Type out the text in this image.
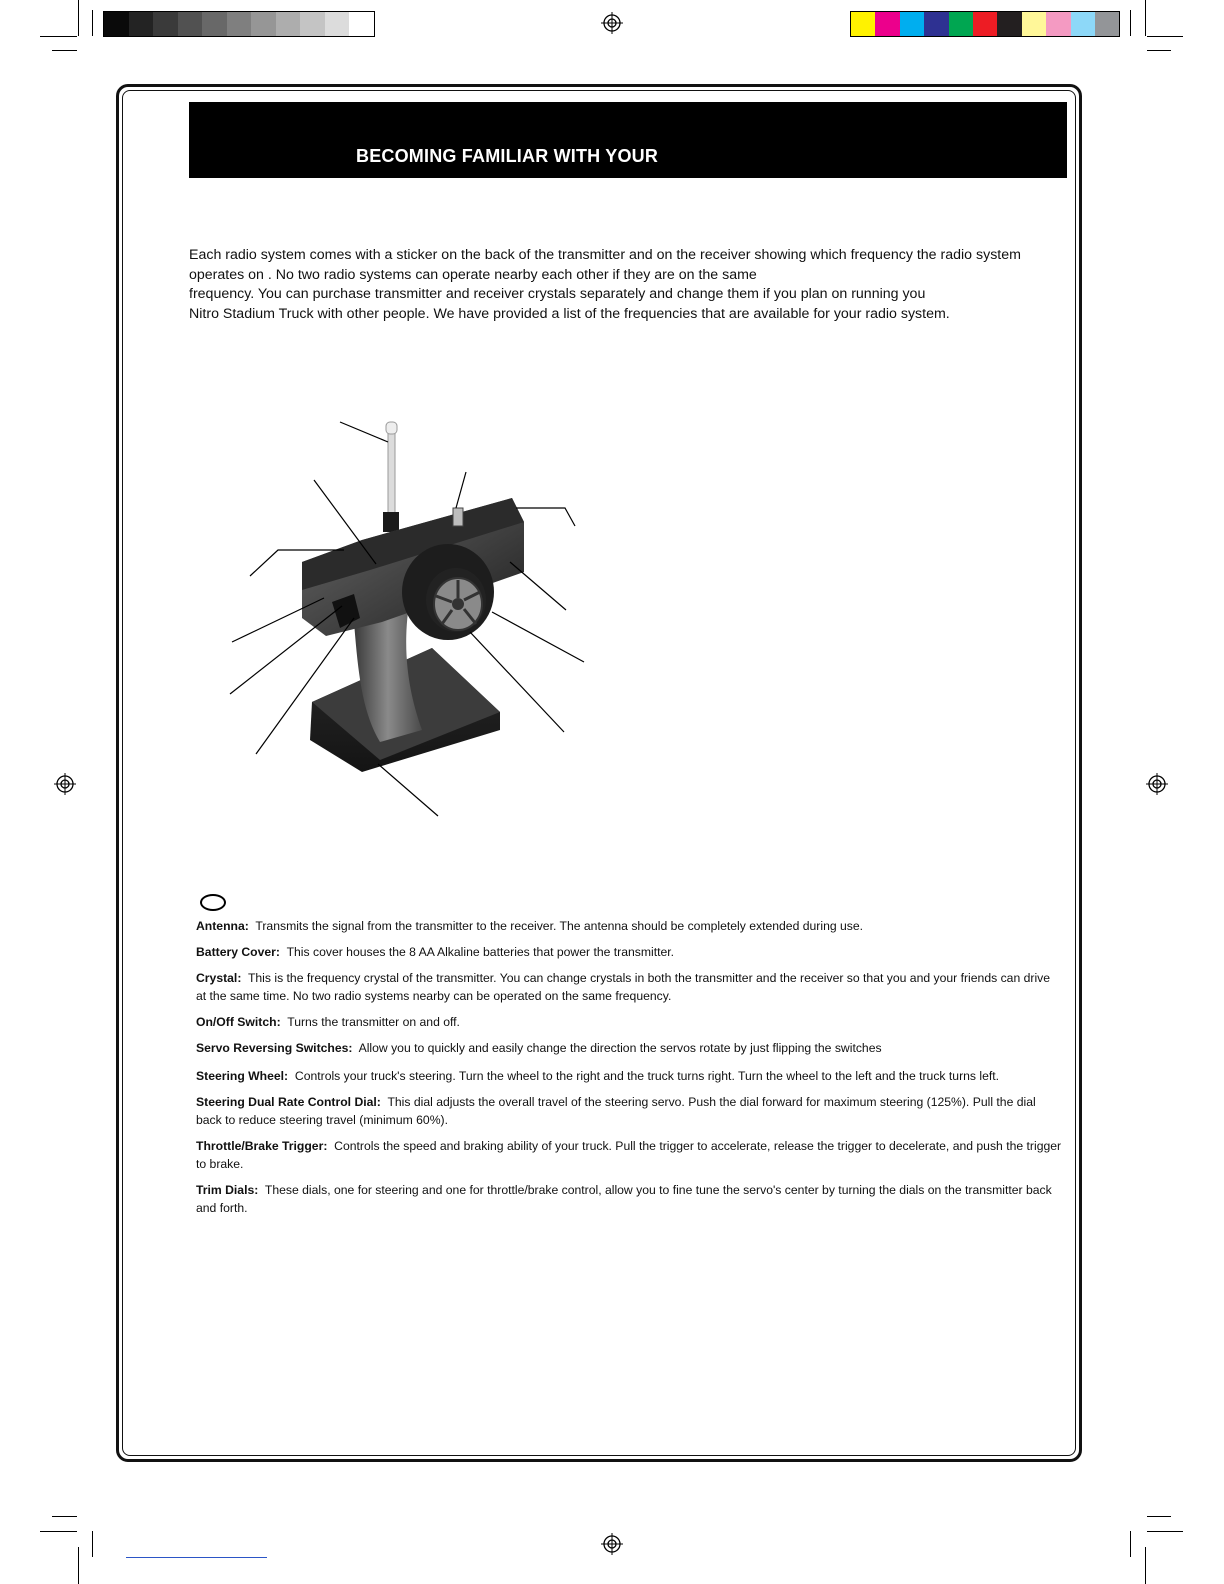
BECOMING FAMILIAR WITH YOUR
Each radio system comes with a sticker on the back of the transmitter and on the receiver showing which frequency the radio system
operates on . No two radio systems can operate nearby each other if they are on the same
frequency. You can purchase transmitter and receiver crystals separately and change them if you plan on running you
Nitro Stadium Truck with other people. We have provided a list of the frequencies that are available for your radio system.

Antenna: Transmits the signal from the transmitter to the receiver. The antenna should be completely extended during use.

Battery Cover: This cover houses the 8 AA Alkaline batteries that power the transmitter.

Crystal: This is the frequency crystal of the transmitter. You can change crystals in both the transmitter and the receiver so that you and your friends can drive at the same time. No two radio systems nearby can be operated on the same frequency.

On/Off Switch: Turns the transmitter on and off.

Servo Reversing Switches: Allow you to quickly and easily change the direction the servos rotate by just flipping the switches

Steering Wheel: Controls your truck's steering. Turn the wheel to the right and the truck turns right. Turn the wheel to the left and the truck turns left.

Steering Dual Rate Control Dial: This dial adjusts the overall travel of the steering servo. Push the dial forward for maximum steering (125%). Pull the dial back to reduce steering travel (minimum 60%).

Throttle/Brake Trigger: Controls the speed and braking ability of your truck. Pull the trigger to accelerate, release the trigger to decelerate, and push the trigger to brake.

Trim Dials: These dials, one for steering and one for throttle/brake control, allow you to fine tune the servo's center by turning the dials on the transmitter back and forth.
